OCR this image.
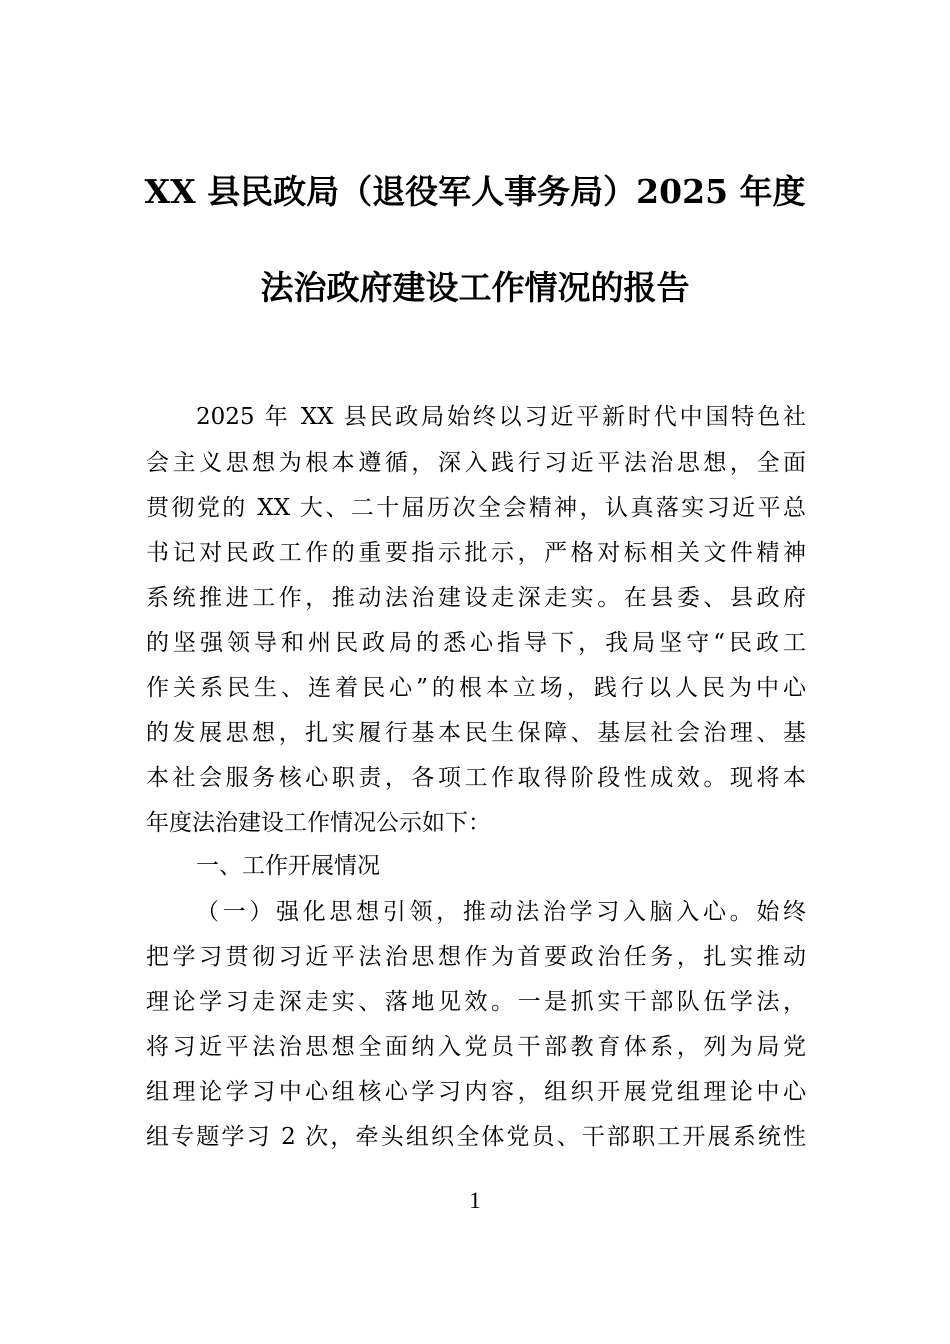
XX 县民政局（退役军人事务局）2025 年度
法治政府建设工作情况的报告
2025 年 XX 县民政局始终以习近平新时代中国特色社
会主义思想为根本遵循，深入践行习近平法治思想，全面
贯彻党的 XX 大、二十届历次全会精神，认真落实习近平总
书记对民政工作的重要指示批示，严格对标相关文件精神
系统推进工作，推动法治建设走深走实。在县委、县政府
的坚强领导和州民政局的悉心指导下，我局坚守“民政工
作关系民生、连着民心”的根本立场，践行以人民为中心
的发展思想，扎实履行基本民生保障、基层社会治理、基
本社会服务核心职责，各项工作取得阶段性成效。现将本
年度法治建设工作情况公示如下：
一、工作开展情况
（一）强化思想引领，推动法治学习入脑入心。始终
把学习贯彻习近平法治思想作为首要政治任务，扎实推动
理论学习走深走实、落地见效。一是抓实干部队伍学法，
将习近平法治思想全面纳入党员干部教育体系，列为局党
组理论学习中心组核心学习内容，组织开展党组理论中心
组专题学习 2 次，牵头组织全体党员、干部职工开展系统性
1
